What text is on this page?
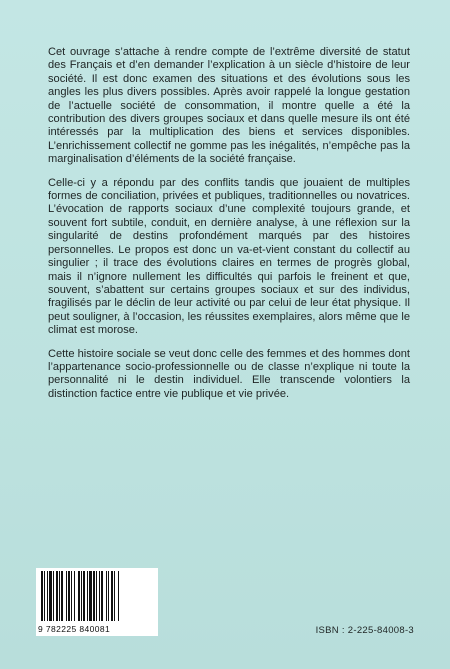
Cet ouvrage s’attache à rendre compte de l’extrême diversité de statut des Français et d’en demander l’explication à un siècle d’histoire de leur société. Il est donc examen des situations et des évolutions sous les angles les plus divers possibles. Après avoir rappelé la longue gestation de l’actuelle société de consommation, il montre quelle a été la contribution des divers groupes sociaux et dans quelle mesure ils ont été intéressés par la multiplication des biens et services disponibles. L’enrichissement collectif ne gomme pas les inégalités, n’empêche pas la marginalisation d’éléments de la société française.

Celle-ci y a répondu par des conflits tandis que jouaient de multiples formes de conciliation, privées et publiques, traditionnelles ou novatrices. L’évocation de rapports sociaux d’une complexité toujours grande, et souvent fort subtile, conduit, en dernière analyse, à une réflexion sur la singularité de destins profondément marqués par des histoires personnelles. Le propos est donc un va-et-vient constant du collectif au singulier ; il trace des évolutions claires en termes de progrès global, mais il n’ignore nullement les difficultés qui parfois le freinent et que, souvent, s’abattent sur certains groupes sociaux et sur des individus, fragilisés par le déclin de leur activité ou par celui de leur état physique. Il peut souligner, à l’occasion, les réussites exemplaires, alors même que le climat est morose.

Cette histoire sociale se veut donc celle des femmes et des hommes dont l’appartenance socio-professionnelle ou de classe n’explique ni toute la personnalité ni le destin individuel. Elle transcende volontiers la distinction factice entre vie publique et vie privée.

9 782225 840081	ISBN : 2-225-84008-3
